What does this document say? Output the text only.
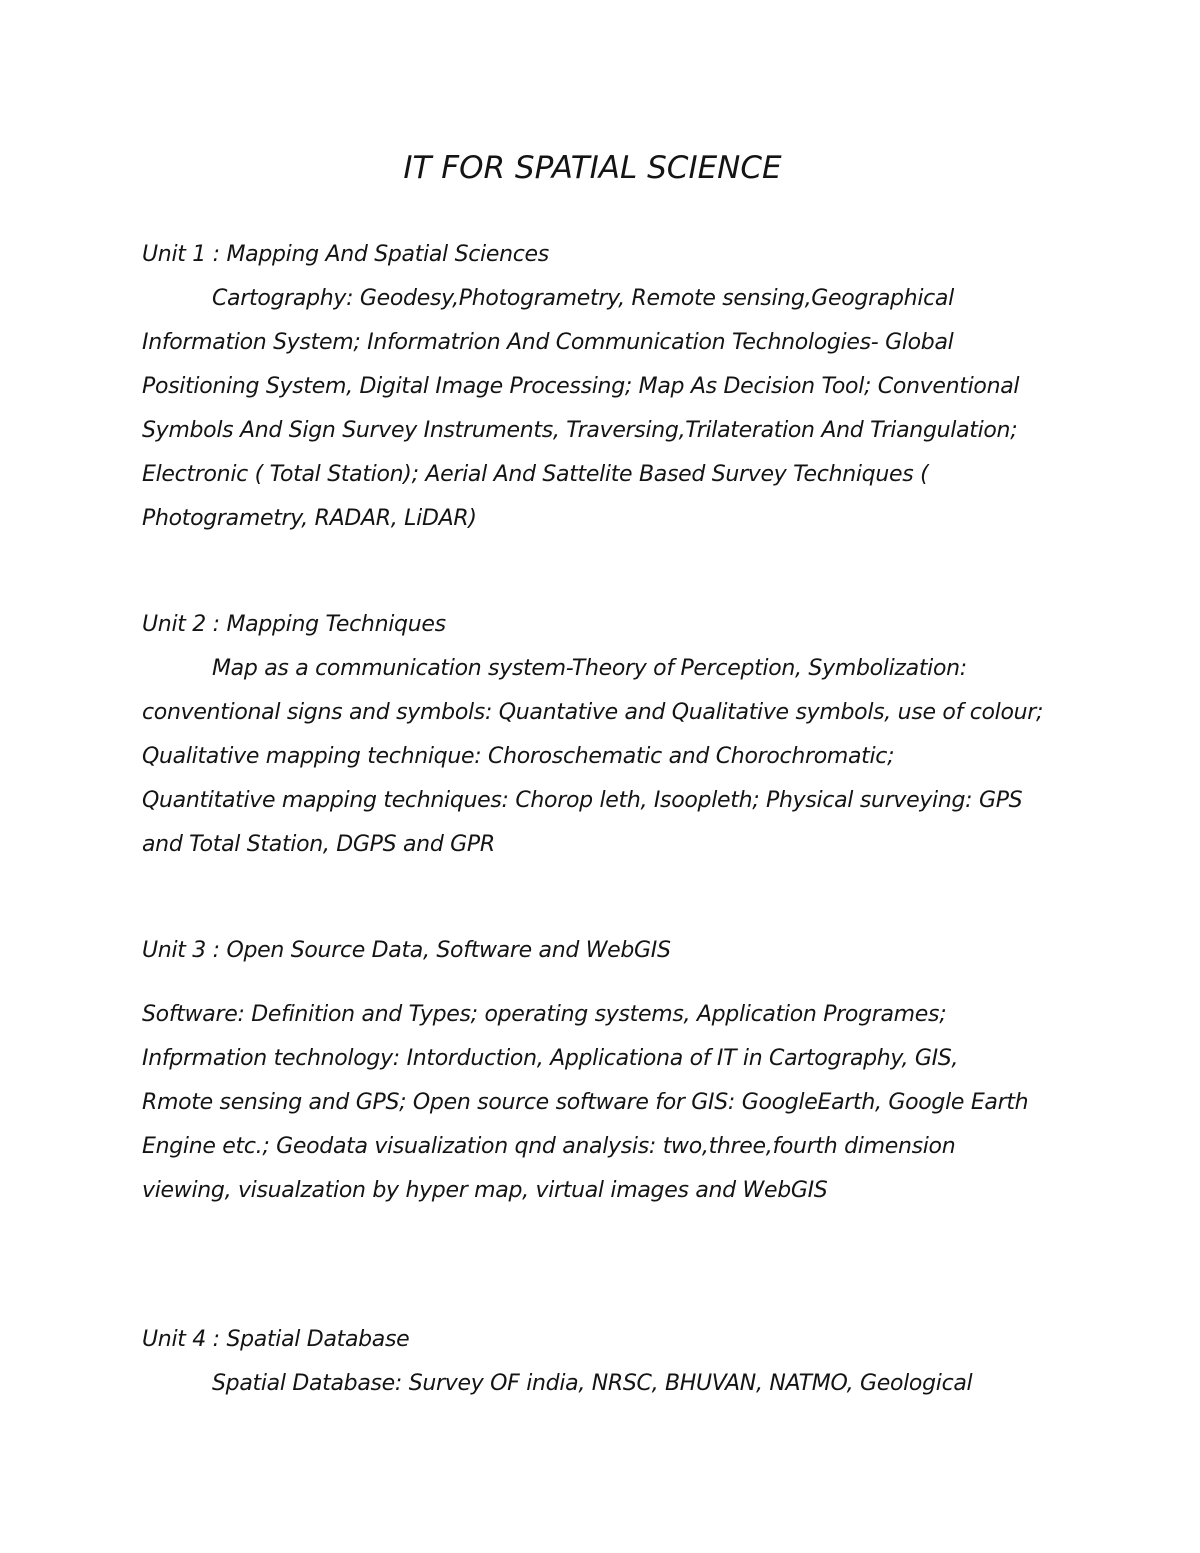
IT FOR SPATIAL SCIENCE
Unit 1 : Mapping And Spatial Sciences
Cartography: Geodesy,Photogrametry, Remote sensing,Geographical
Information System; Informatrion And Communication Technologies- Global
Positioning System, Digital Image Processing; Map As Decision Tool; Conventional
Symbols And Sign Survey Instruments, Traversing,Trilateration And Triangulation;
Electronic ( Total Station); Aerial And Sattelite Based Survey Techniques (
Photogrametry, RADAR, LiDAR)
Unit 2 : Mapping Techniques
Map as a communication system-Theory of Perception, Symbolization:
conventional signs and symbols: Quantative and Qualitative symbols, use of colour;
Qualitative mapping technique: Choroschematic and Chorochromatic;
Quantitative mapping techniques: Chorop leth, Isoopleth; Physical surveying: GPS
and Total Station, DGPS and GPR
Unit 3 : Open Source Data, Software and WebGIS
Software: Definition and Types; operating systems, Application Programes;
Infprmation technology: Intorduction, Applicationa of IT in Cartography, GIS,
Rmote sensing and GPS; Open source software for GIS: GoogleEarth, Google Earth
Engine etc.; Geodata visualization qnd analysis: two,three,fourth dimension
viewing, visualzation by hyper map, virtual images and WebGIS
Unit 4 : Spatial Database
Spatial Database: Survey OF india, NRSC, BHUVAN, NATMO, Geological
